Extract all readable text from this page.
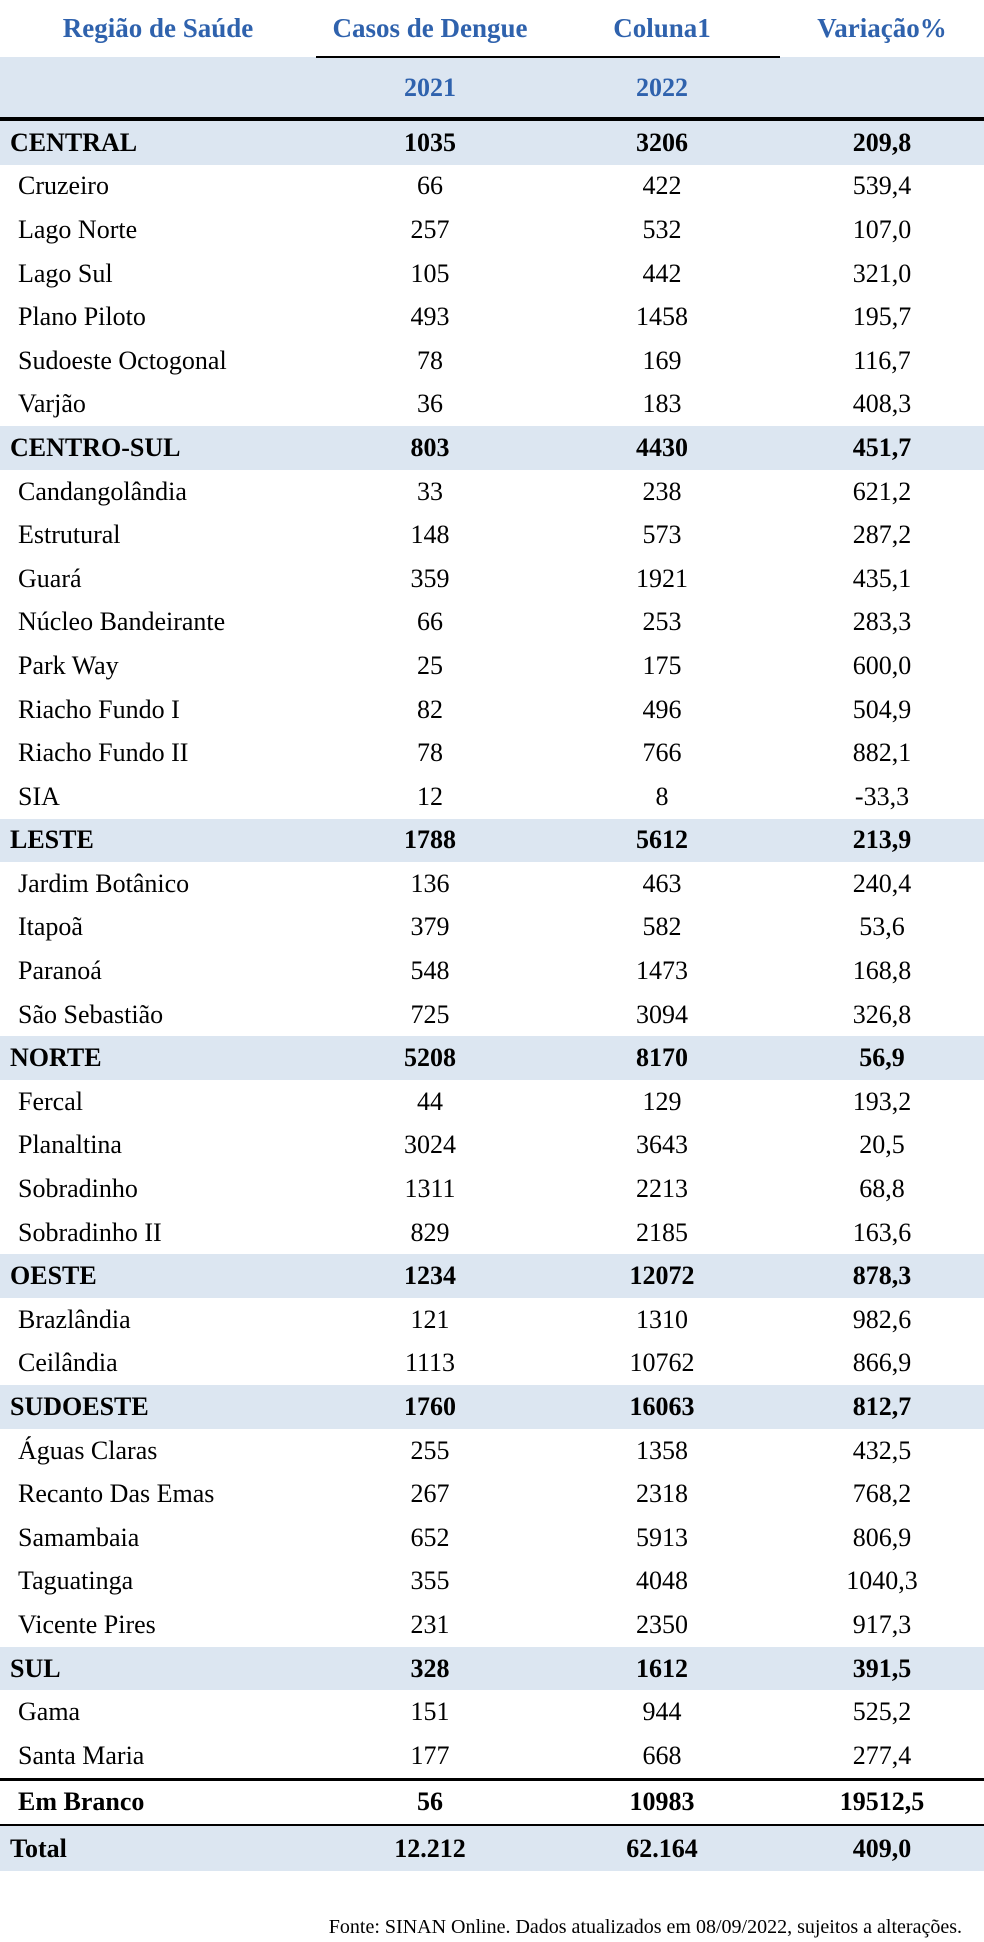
Região de Saúde	Casos de Dengue	Coluna1	Variação%
	2021	2022	
CENTRAL	1035	3206	209,8
Cruzeiro	66	422	539,4
Lago Norte	257	532	107,0
Lago Sul	105	442	321,0
Plano Piloto	493	1458	195,7
Sudoeste Octogonal	78	169	116,7
Varjão	36	183	408,3
CENTRO-SUL	803	4430	451,7
Candangolândia	33	238	621,2
Estrutural	148	573	287,2
Guará	359	1921	435,1
Núcleo Bandeirante	66	253	283,3
Park Way	25	175	600,0
Riacho Fundo I	82	496	504,9
Riacho Fundo II	78	766	882,1
SIA	12	8	-33,3
LESTE	1788	5612	213,9
Jardim Botânico	136	463	240,4
Itapoã	379	582	53,6
Paranoá	548	1473	168,8
São Sebastião	725	3094	326,8
NORTE	5208	8170	56,9
Fercal	44	129	193,2
Planaltina	3024	3643	20,5
Sobradinho	1311	2213	68,8
Sobradinho II	829	2185	163,6
OESTE	1234	12072	878,3
Brazlândia	121	1310	982,6
Ceilândia	1113	10762	866,9
SUDOESTE	1760	16063	812,7
Águas Claras	255	1358	432,5
Recanto Das Emas	267	2318	768,2
Samambaia	652	5913	806,9
Taguatinga	355	4048	1040,3
Vicente Pires	231	2350	917,3
SUL	328	1612	391,5
Gama	151	944	525,2
Santa Maria	177	668	277,4
Em Branco	56	10983	19512,5
Total	12.212	62.164	409,0
Fonte: SINAN Online. Dados atualizados em 08/09/2022, sujeitos a alterações.
